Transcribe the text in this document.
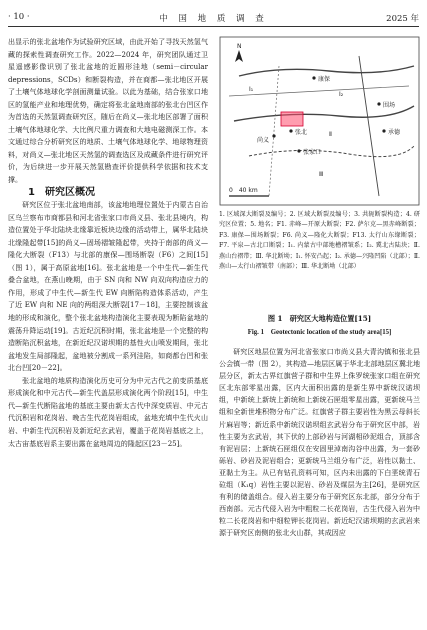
· 10 ·	中 国 地 质 调 查	2025 年

出显示的张北盆地作为试验研究区域，由此开始了寻找天然氢气藏的探索性调查研究工作。2022—2024 年，研究团队通过卫星遥感影像识别了张北盆地的近圆形洼地（semi－circular depressions，SCDs）和断裂构造，并在商都—张北地区开展了土壤气体地球化学剖面测量试验。以此为基础，结合张家口地区的氢能产业和地理优势，确定将张北盆地南部的张北台凹区作为首选的天然氢调查研究区，随后在尚义—张北地区部署了面积土壤气体地球化学、大比例尺重力调查和大地电磁测深工作。本文通过综合分析研究区的地质、土壤气体地球化学、地球物理资料，对尚义—张北地区天然氢的调查选区及成藏条件进行研究评价，为后续进一步开展天然氢勘查评价提供科学依据和技术支撑。

1　研究区概况

研究区位于张北盆地南部，该盆地地理位置处于内蒙古自治区乌兰察布市商都县和河北省张家口市尚义县、张北县境内，构造位置处于华北陆块北缘靠近板块边缘的活动带上，属华北陆块北缘隆起带[15]的尚义—固场褶皱隆起带，夹持于南部的尚义—隆化大断裂（F13）与北部的康保—围场断裂（F6）之间[15]（图 1），属于高原盆地[16]。张北盆地是一个中生代—新生代叠合盆地，在燕山晚期，由于 SN 向和 NW 向双向构造应力的作用，形成了中生代—新生代 EW 向断陷构造体系活动，产生了近 EW 向和 NE 向的两组深大断裂[17－18]，主要控制该盆地的形成和演化，整个张北盆地构造演化主要表现为断陷盆地的震荡升降运动[19]。古近纪沉积时期，张北盆地是一个完整的构造断陷沉积盆地，在新近纪汉诺坝期的基性火山喷发期间，张北盆地发生局部隆起，盆地被分割成一系列洼陷，如商都台凹和张北台凹[20－22]。

张北盆地的地质构造演化历史可分为中元古代之前变质基底形成演化和中元古代—新生代盖层形成演化两个阶段[15]，中生代—新生代断陷盆地的基底主要由新太古代中深变质岩、中元古代沉积岩和花岗岩、晚古生代花岗岩组成，盆地充填中生代火山岩、中新生代沉积岩及新近纪玄武岩，覆盖于花岗岩基底之上，太古宙基底岩系主要出露在盆地周边的隆起区[23－25]。

Ⅰ₁
Ⅰ₂
Ⅱ
Ⅲ
张北
尚义
张家口
承德
围场
康保
N
0　40 km
1. 区域深大断裂及编号；2. 区域大断裂及编号；3. 共轭断裂构造；4. 研究区位置；5. 地名；F1. 赤峰—开原大断裂；F2. 萨尔克—黑赤峰断裂；F3. 康保—围场断裂；F6. 尚义—隆化大断裂；F13. 太行山东缘断裂；F7. 平泉—古北口断裂；Ⅰ₁. 内蒙古中部地槽褶皱系；Ⅰ₂. 冀北古陆块；Ⅱ. 燕山台褶带；Ⅲ. 华北断坳；Ⅰ₁. 怀安凸起；Ⅰ₂. 承德—兴隆凹陷（北部）；Ⅱ. 燕山—太行山褶皱带（南部）；Ⅲ. 华北断坳（北部）
图 1　研究区大地构造位置[15]
Fig. 1　Geotectonic location of the study area[15]

研究区地层位置为河北省张家口市尚义县大青沟镇和张北县公会镇一带（图 2），其构造—地层区属于华北北部地层区冀北地层分区，新太古界红旗营子群和中生界上侏罗统张家口组在研究区北东部零星出露，区内大面积出露的是新生界中新统汉诺坝组，中新统上新统上新统和上新统石匣组零星出露，更新统马兰组和全新世堆积物分布广泛。红旗营子群主要岩性为黑云母斜长片麻岩等；新近系中新统汉诺坝组玄武岩分布于研究区中部，岩性主要为玄武岩，其下伏的上部砂岩与河湖相砂泥组合，顶部含有泥岩层；上新统石匣组仅在安固里淖南沟谷中出露，为一套砂砾岩、砂岩及泥岩组合；更新统马兰组分布广泛，岩性以黏土、亚黏土为主。从已有钻孔资料可知，区内未出露的下白垩统青石砬组（K₁q）岩性主要以泥岩、砂岩及煤层为主[26]，是研究区有利的储盖组合。侵入岩主要分布于研究区东北部，部分分布于西南部。元古代侵入岩为中粗粒二长花岗岩，古生代侵入岩为中粒二长花岗岩和中细粒钾长花岗岩。新近纪汉诺坝期的玄武岩来源于研究区南侧的张北火山群，其成因应
